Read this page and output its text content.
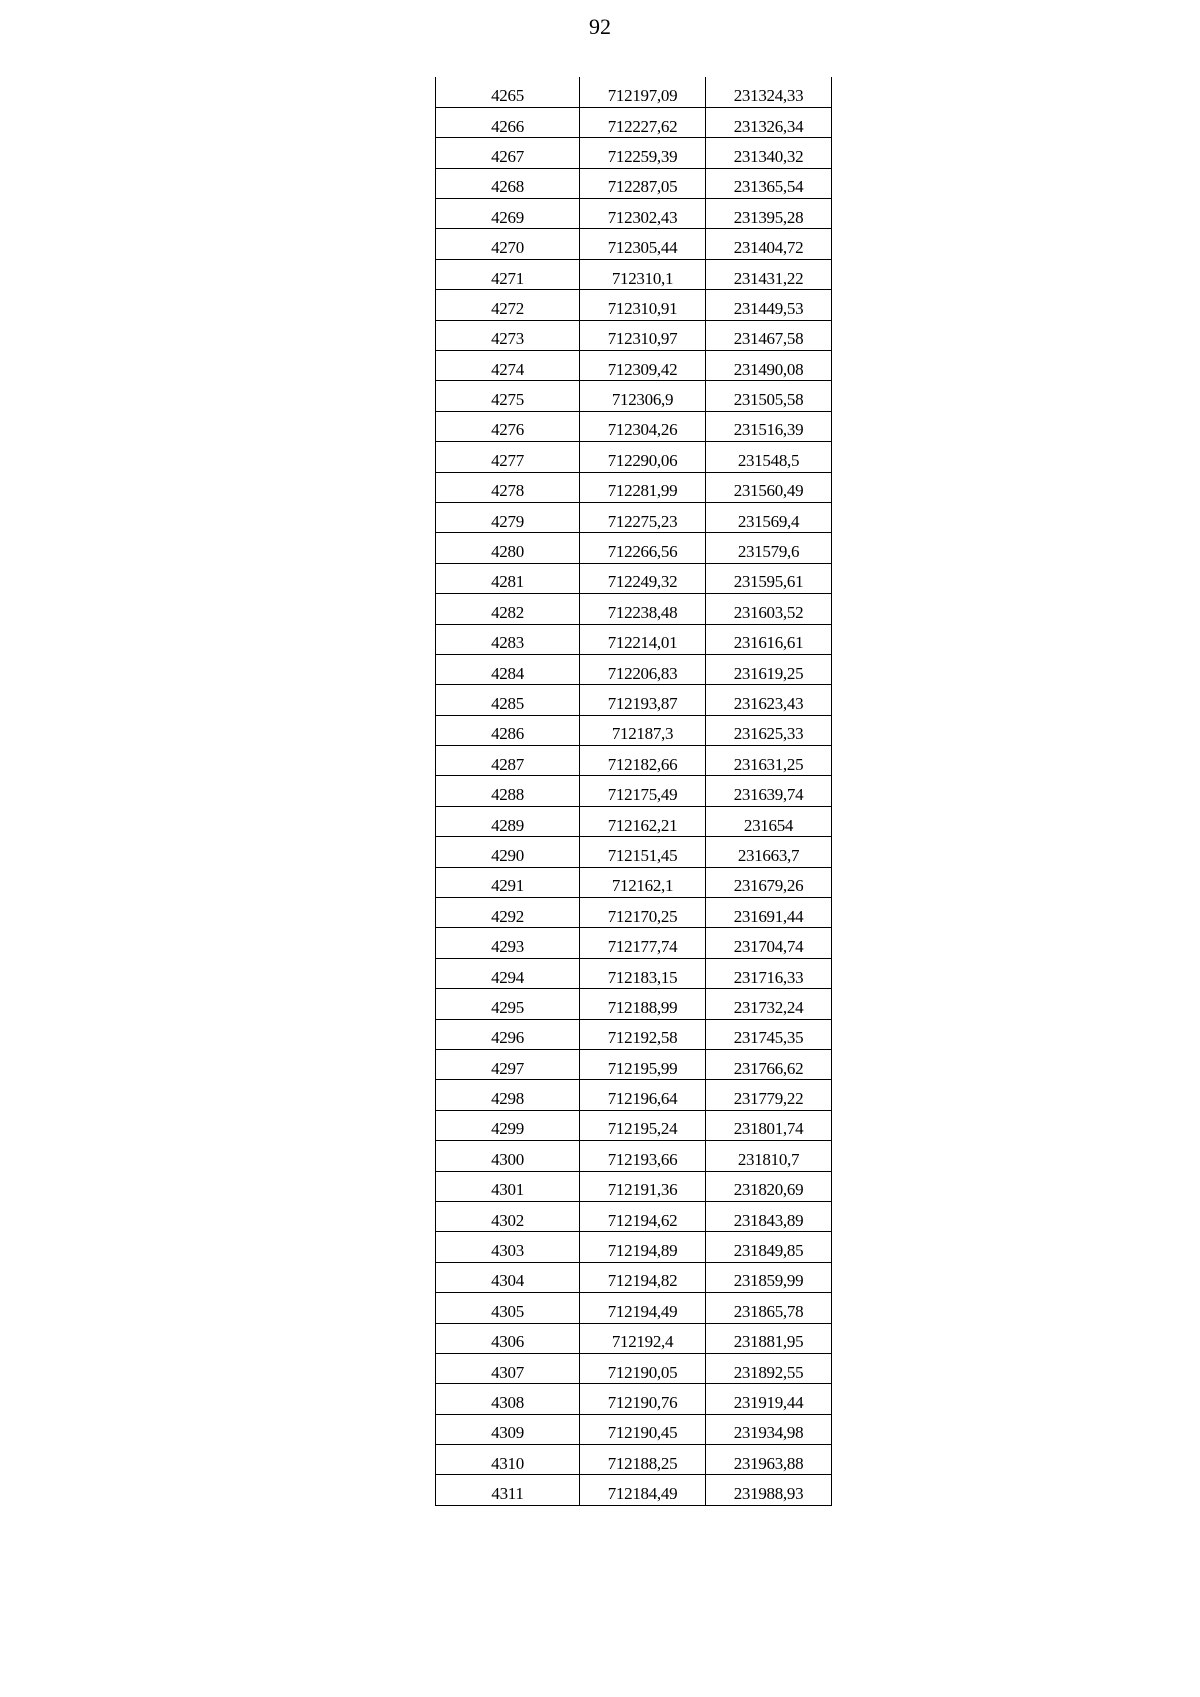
92
4265	712197,09	231324,33
4266	712227,62	231326,34
4267	712259,39	231340,32
4268	712287,05	231365,54
4269	712302,43	231395,28
4270	712305,44	231404,72
4271	712310,1	231431,22
4272	712310,91	231449,53
4273	712310,97	231467,58
4274	712309,42	231490,08
4275	712306,9	231505,58
4276	712304,26	231516,39
4277	712290,06	231548,5
4278	712281,99	231560,49
4279	712275,23	231569,4
4280	712266,56	231579,6
4281	712249,32	231595,61
4282	712238,48	231603,52
4283	712214,01	231616,61
4284	712206,83	231619,25
4285	712193,87	231623,43
4286	712187,3	231625,33
4287	712182,66	231631,25
4288	712175,49	231639,74
4289	712162,21	231654
4290	712151,45	231663,7
4291	712162,1	231679,26
4292	712170,25	231691,44
4293	712177,74	231704,74
4294	712183,15	231716,33
4295	712188,99	231732,24
4296	712192,58	231745,35
4297	712195,99	231766,62
4298	712196,64	231779,22
4299	712195,24	231801,74
4300	712193,66	231810,7
4301	712191,36	231820,69
4302	712194,62	231843,89
4303	712194,89	231849,85
4304	712194,82	231859,99
4305	712194,49	231865,78
4306	712192,4	231881,95
4307	712190,05	231892,55
4308	712190,76	231919,44
4309	712190,45	231934,98
4310	712188,25	231963,88
4311	712184,49	231988,93
